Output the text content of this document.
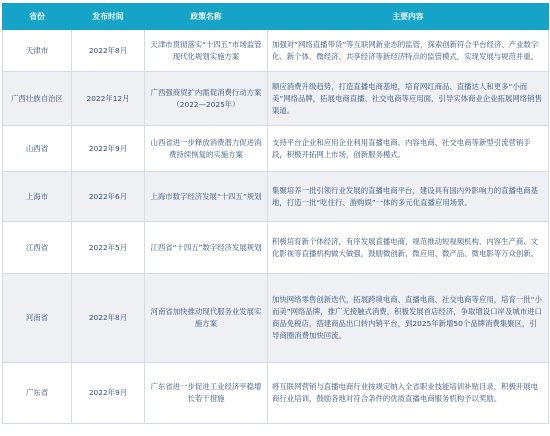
省份	发布时间	政策名称	主要内容
天津市	2022年8月	天津市贯彻落实“十四五”市场监管现代化规划实施方案	加强对“网络直播带货”等互联网新业态的监管，探索创新符合平台经济、产业数字化、新个体、微经济、共享经济等新经济特点的监管模式，实现发展与规范并重。
广西壮族自治区	2022年12月	广西强商贸扩内需促消费行动方案（2022—2025年）	顺应消费升级趋势，打造直播电商基地，培育网红商品、直播达人和更多“小而美”网络品牌，拓展电商直播、社交电商等应用面，引导实体商业企业拓展网络销售渠道。
山西省	2022年9月	山西省进一步释放消费潜力促进消费持续恢复的实施方案	支持平台企业和应用企业利用直播电商、内容电商、社交电商等新型引流营销手段，积极开拓网上市场，创新服务模式。
上海市	2022年6月	上海市数字经济发展“十四五”规划	集聚培养一批引领行业发展的直播电商平台，建设具有国内外影响力的直播电商基地，打造一批“吃住行、游购娱”一体的多元化直播应用场景。
江西省	2022年5月	江西省“十四五”数字经济发展规划	积极培育新个体经济，有序发展直播电商，规范推动短视频机构、内容生产商、文化影视等直播机构做大做强，鼓励微创新、微应用、微产品、微电影等万众创新。
河南省	2022年8月	河南省加快推动现代服务业发展实施方案	加快网络零售创新迭代，拓展跨境电商、直播电商、社交电商等应用，培育一批“小而美”网络品牌，推广无接触式消费，积极发展首店经济，争取增设口岸及城市进口商品免税店，搭建商品出口转内销平台，到2025年新增50个品牌消费集聚区，引导商圈消费加快回流。
广东省	2022年9月	广东省进一步促进工业经济平稳增长若干措施	将互联网营销与直播电商行业按规定纳入全省职业技能培训补贴目录，积极开展电商行业培训，鼓励各地对符合条件的优质直播电商服务机构予以奖励。
